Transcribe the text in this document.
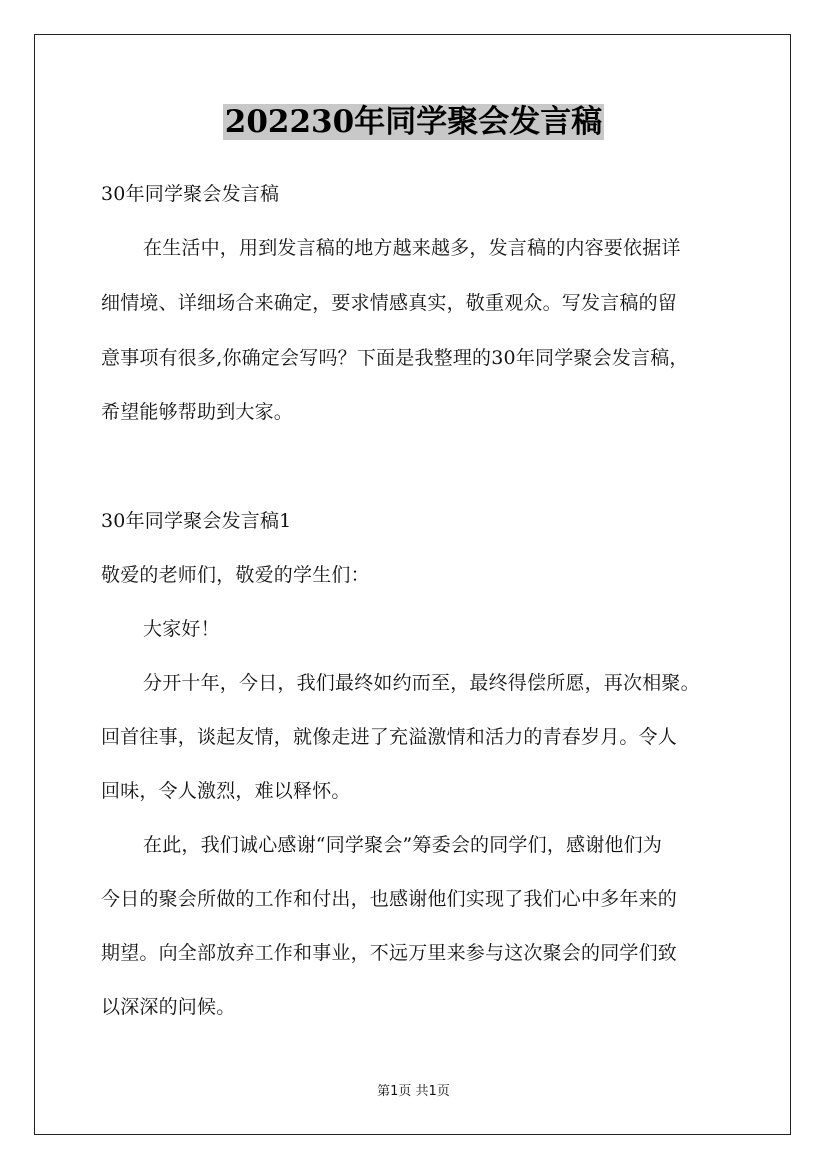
202230年同学聚会发言稿
30年同学聚会发言稿
在生活中，用到发言稿的地方越来越多，发言稿的内容要依据详
细情境、详细场合来确定，要求情感真实，敬重观众。写发言稿的留
意事项有很多,你确定会写吗？下面是我整理的30年同学聚会发言稿，
希望能够帮助到大家。
30年同学聚会发言稿1
敬爱的老师们，敬爱的学生们：
大家好！
分开十年，今日，我们最终如约而至，最终得偿所愿，再次相聚。
回首往事，谈起友情，就像走进了充溢激情和活力的青春岁月。令人
回味，令人激烈，难以释怀。
在此，我们诚心感谢“同学聚会”筹委会的同学们，感谢他们为
今日的聚会所做的工作和付出，也感谢他们实现了我们心中多年来的
期望。向全部放弃工作和事业，不远万里来参与这次聚会的同学们致
以深深的问候。
第1页 共1页
